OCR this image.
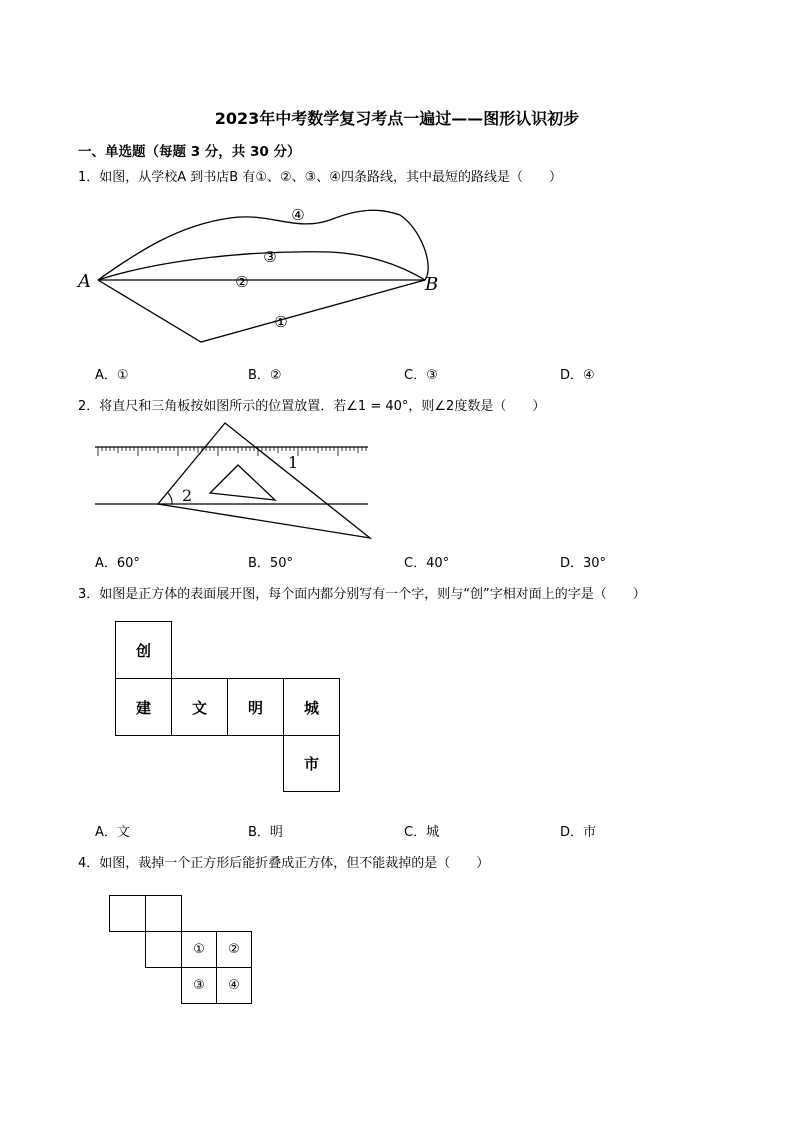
2023年中考数学复习考点一遍过——图形认识初步
一、单选题（每题 3 分，共 30 分）
1．如图，从学校A 到书店B 有①、②、③、④四条路线，其中最短的路线是（　　）
A	B
④
③
②
①
A．①	B．②	C．③	D．④
2．将直尺和三角板按如图所示的位置放置．若∠1 = 40°，则∠2度数是（　　）
1
2
A．60°	B．50°	C．40°	D．30°
3．如图是正方体的表面展开图，每个面内都分别写有一个字，则与“创”字相对面上的字是（　　）
创
建	文	明	城
市
A．文	B．明	C．城	D．市
4．如图，裁掉一个正方形后能折叠成正方体，但不能裁掉的是（　　）
①	②
③	④
